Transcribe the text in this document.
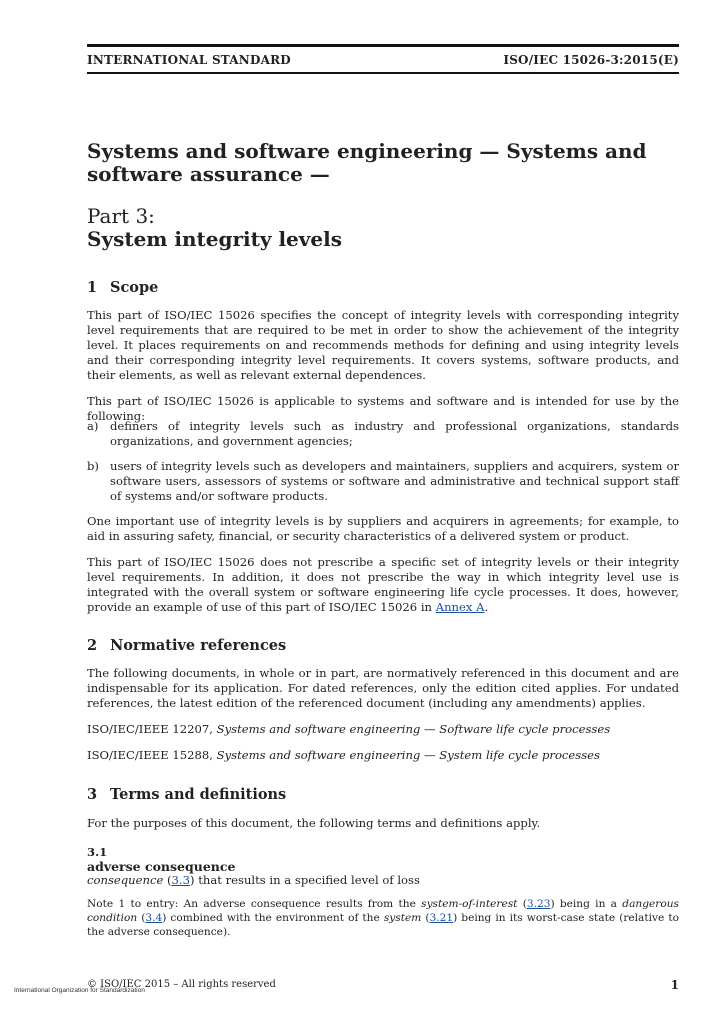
INTERNATIONAL STANDARD	ISO/IEC 15026-3:2015(E)
Systems and software engineering — Systems and
software assurance —
Part 3:
System integrity levels
1 Scope

This part of ISO/IEC 15026 specifies the concept of integrity levels with corresponding integrity level requirements that are required to be met in order to show the achievement of the integrity level. It places requirements on and recommends methods for defining and using integrity levels and their corresponding integrity level requirements. It covers systems, software products, and their elements, as well as relevant external dependences.

This part of ISO/IEC 15026 is applicable to systems and software and is intended for use by the following:

a) definers of integrity levels such as industry and professional organizations, standards organizations, and government agencies;
b) users of integrity levels such as developers and maintainers, suppliers and acquirers, system or software users, assessors of systems or software and administrative and technical support staff of systems and/or software products.

One important use of integrity levels is by suppliers and acquirers in agreements; for example, to aid in assuring safety, financial, or security characteristics of a delivered system or product.

This part of ISO/IEC 15026 does not prescribe a specific set of integrity levels or their integrity level requirements. In addition, it does not prescribe the way in which integrity level use is integrated with the overall system or software engineering life cycle processes. It does, however, provide an example of use of this part of ISO/IEC 15026 in Annex A.

2 Normative references

The following documents, in whole or in part, are normatively referenced in this document and are indispensable for its application. For dated references, only the edition cited applies. For undated references, the latest edition of the referenced document (including any amendments) applies.

ISO/IEC/IEEE 12207, Systems and software engineering — Software life cycle processes

ISO/IEC/IEEE 15288, Systems and software engineering — System life cycle processes

3 Terms and definitions

For the purposes of this document, the following terms and definitions apply.

3.1
adverse consequence
consequence (3.3) that results in a specified level of loss

Note 1 to entry: An adverse consequence results from the system-of-interest (3.23) being in a dangerous condition (3.4) combined with the environment of the system (3.21) being in its worst-case state (relative to the adverse consequence).

International Organization for Standardization
© ISO/IEC 2015 – All rights reserved	1
